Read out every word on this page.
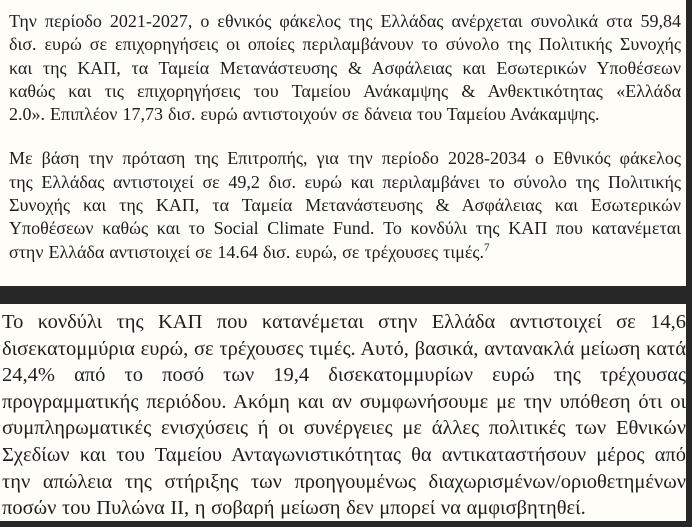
Την περίοδο 2021-2027, ο εθνικός φάκελος της Ελλάδας ανέρχεται συνολικά στα 59,84
δισ. ευρώ σε επιχορηγήσεις οι οποίες περιλαμβάνουν το σύνολο της Πολιτικής Συνοχής
και της ΚΑΠ, τα Ταμεία Μετανάστευσης & Ασφάλειας και Εσωτερικών Υποθέσεων
καθώς και τις επιχορηγήσεις του Ταμείου Ανάκαμψης & Ανθεκτικότητας «Ελλάδα
2.0». Επιπλέον 17,73 δισ. ευρώ αντιστοιχούν σε δάνεια του Ταμείου Ανάκαμψης.
Με βάση την πρόταση της Επιτροπής, για την περίοδο 2028-2034 ο Εθνικός φάκελος
της Ελλάδας αντιστοιχεί σε 49,2 δισ. ευρώ και περιλαμβάνει το σύνολο της Πολιτικής
Συνοχής και της ΚΑΠ, τα Ταμεία Μετανάστευσης & Ασφάλειας και Εσωτερικών
Υποθέσεων καθώς και το Social Climate Fund. Το κονδύλι της ΚΑΠ που κατανέμεται
στην Ελλάδα αντιστοιχεί σε 14.64 δισ. ευρώ, σε τρέχουσες τιμές.$^7$
Το κονδύλι της ΚΑΠ που κατανέμεται στην Ελλάδα αντιστοιχεί σε 14,6
δισεκατομμύρια ευρώ, σε τρέχουσες τιμές. Αυτό, βασικά, αντανακλά μείωση κατά
24,4% από το ποσό των 19,4 δισεκατομμυρίων ευρώ της τρέχουσας
προγραμματικής περιόδου. Ακόμη και αν συμφωνήσουμε με την υπόθεση ότι οι
συμπληρωματικές ενισχύσεις ή οι συνέργειες με άλλες πολιτικές των Εθνικών
Σχεδίων και του Ταμείου Ανταγωνιστικότητας θα αντικαταστήσουν μέρος από
την απώλεια της στήριξης των προηγουμένως διαχωρισμένων/οριοθετημένων
ποσών του Πυλώνα II, η σοβαρή μείωση δεν μπορεί να αμφισβητηθεί.
